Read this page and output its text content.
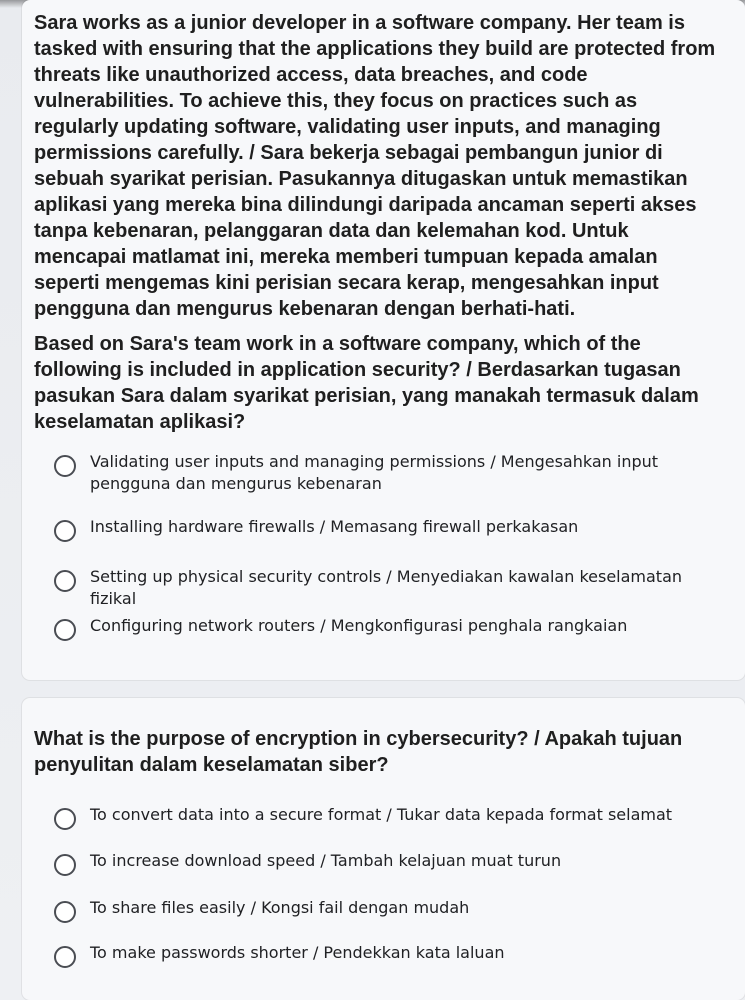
Sara works as a junior developer in a software company. Her team is tasked with ensuring that the applications they build are protected from threats like unauthorized access, data breaches, and code vulnerabilities. To achieve this, they focus on practices such as regularly updating software, validating user inputs, and managing permissions carefully. / Sara bekerja sebagai pembangun junior di sebuah syarikat perisian. Pasukannya ditugaskan untuk memastikan aplikasi yang mereka bina dilindungi daripada ancaman seperti akses tanpa kebenaran, pelanggaran data dan kelemahan kod. Untuk mencapai matlamat ini, mereka memberi tumpuan kepada amalan seperti mengemas kini perisian secara kerap, mengesahkan input pengguna dan mengurus kebenaran dengan berhati-hati.
Based on Sara's team work in a software company, which of the following is included in application security? / Berdasarkan tugasan pasukan Sara dalam syarikat perisian, yang manakah termasuk dalam keselamatan aplikasi?
Validating user inputs and managing permissions / Mengesahkan input pengguna dan mengurus kebenaran
Installing hardware firewalls / Memasang firewall perkakasan
Setting up physical security controls / Menyediakan kawalan keselamatan fizikal
Configuring network routers / Mengkonfigurasi penghala rangkaian
What is the purpose of encryption in cybersecurity? / Apakah tujuan penyulitan dalam keselamatan siber?
To convert data into a secure format / Tukar data kepada format selamat
To increase download speed / Tambah kelajuan muat turun
To share files easily / Kongsi fail dengan mudah
To make passwords shorter / Pendekkan kata laluan
